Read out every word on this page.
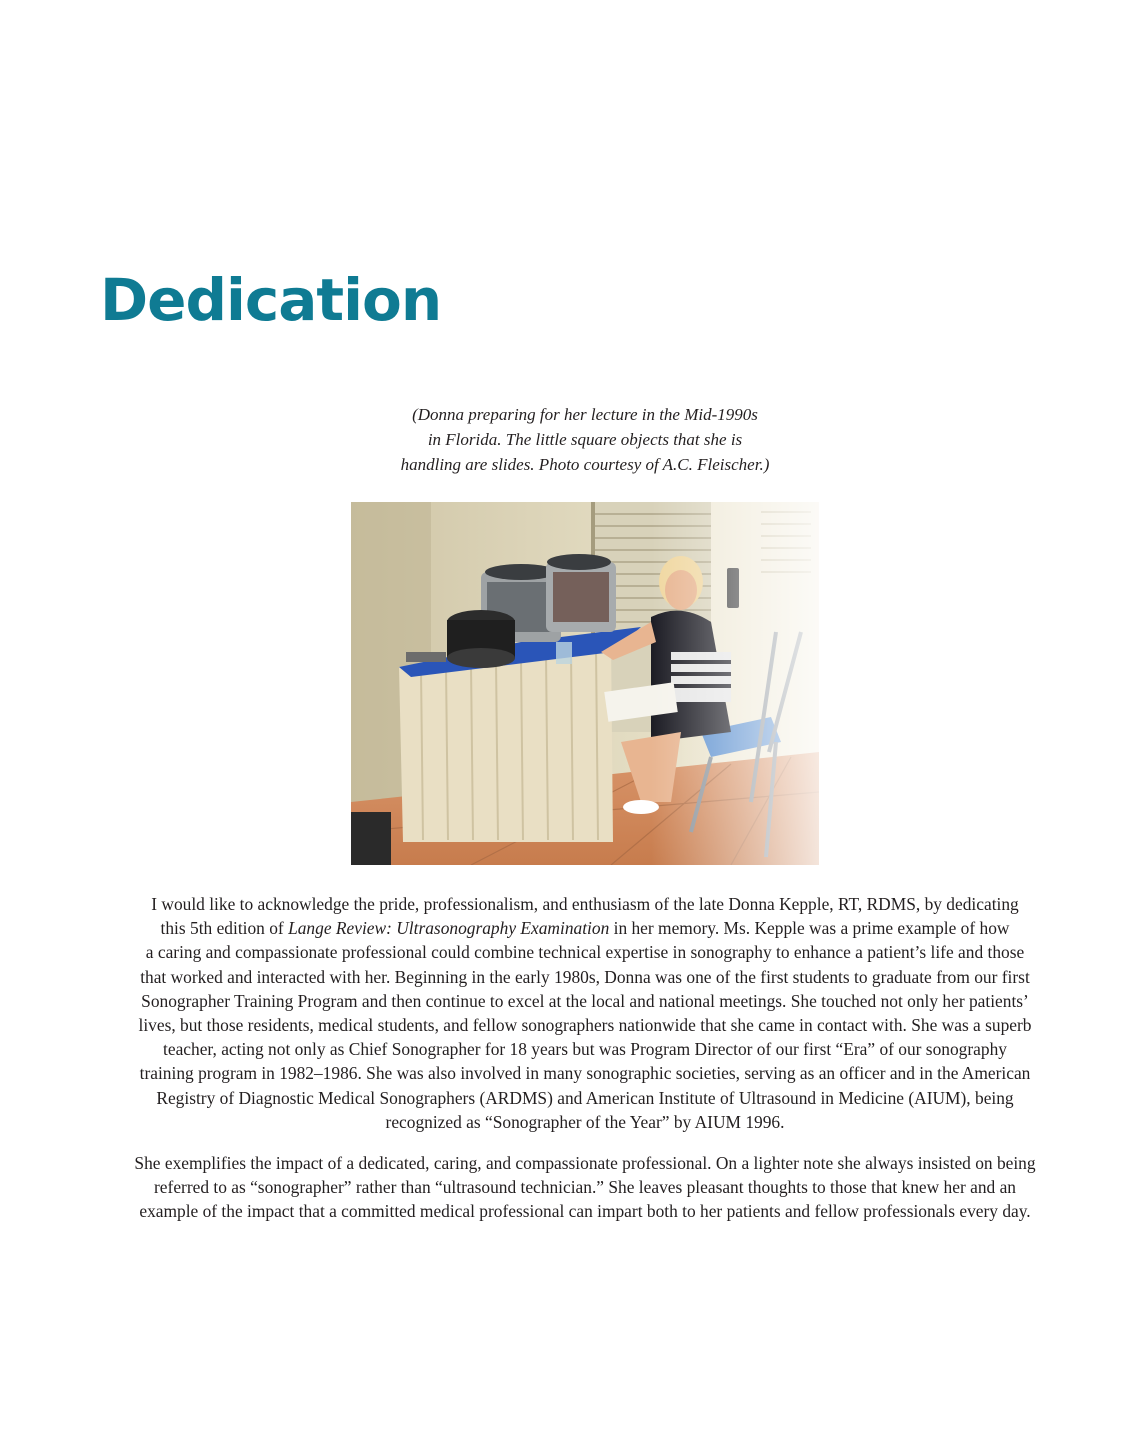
Dedication

(Donna preparing for her lecture in the Mid-1990s
in Florida. The little square objects that she is
handling are slides. Photo courtesy of A.C. Fleischer.)

I would like to acknowledge the pride, professionalism, and enthusiasm of the late Donna Kepple, RT, RDMS, by dedicating
this 5th edition of Lange Review: Ultrasonography Examination in her memory. Ms. Kepple was a prime example of how
a caring and compassionate professional could combine technical expertise in sonography to enhance a patient’s life and those
that worked and interacted with her. Beginning in the early 1980s, Donna was one of the first students to graduate from our first
Sonographer Training Program and then continue to excel at the local and national meetings. She touched not only her patients’
lives, but those residents, medical students, and fellow sonographers nationwide that she came in contact with. She was a superb
teacher, acting not only as Chief Sonographer for 18 years but was Program Director of our first “Era” of our sonography
training program in 1982–1986. She was also involved in many sonographic societies, serving as an officer and in the American
Registry of Diagnostic Medical Sonographers (ARDMS) and American Institute of Ultrasound in Medicine (AIUM), being
recognized as “Sonographer of the Year” by AIUM 1996.

She exemplifies the impact of a dedicated, caring, and compassionate professional. On a lighter note she always insisted on being
referred to as “sonographer” rather than “ultrasound technician.” She leaves pleasant thoughts to those that knew her and an
example of the impact that a committed medical professional can impart both to her patients and fellow professionals every day.
